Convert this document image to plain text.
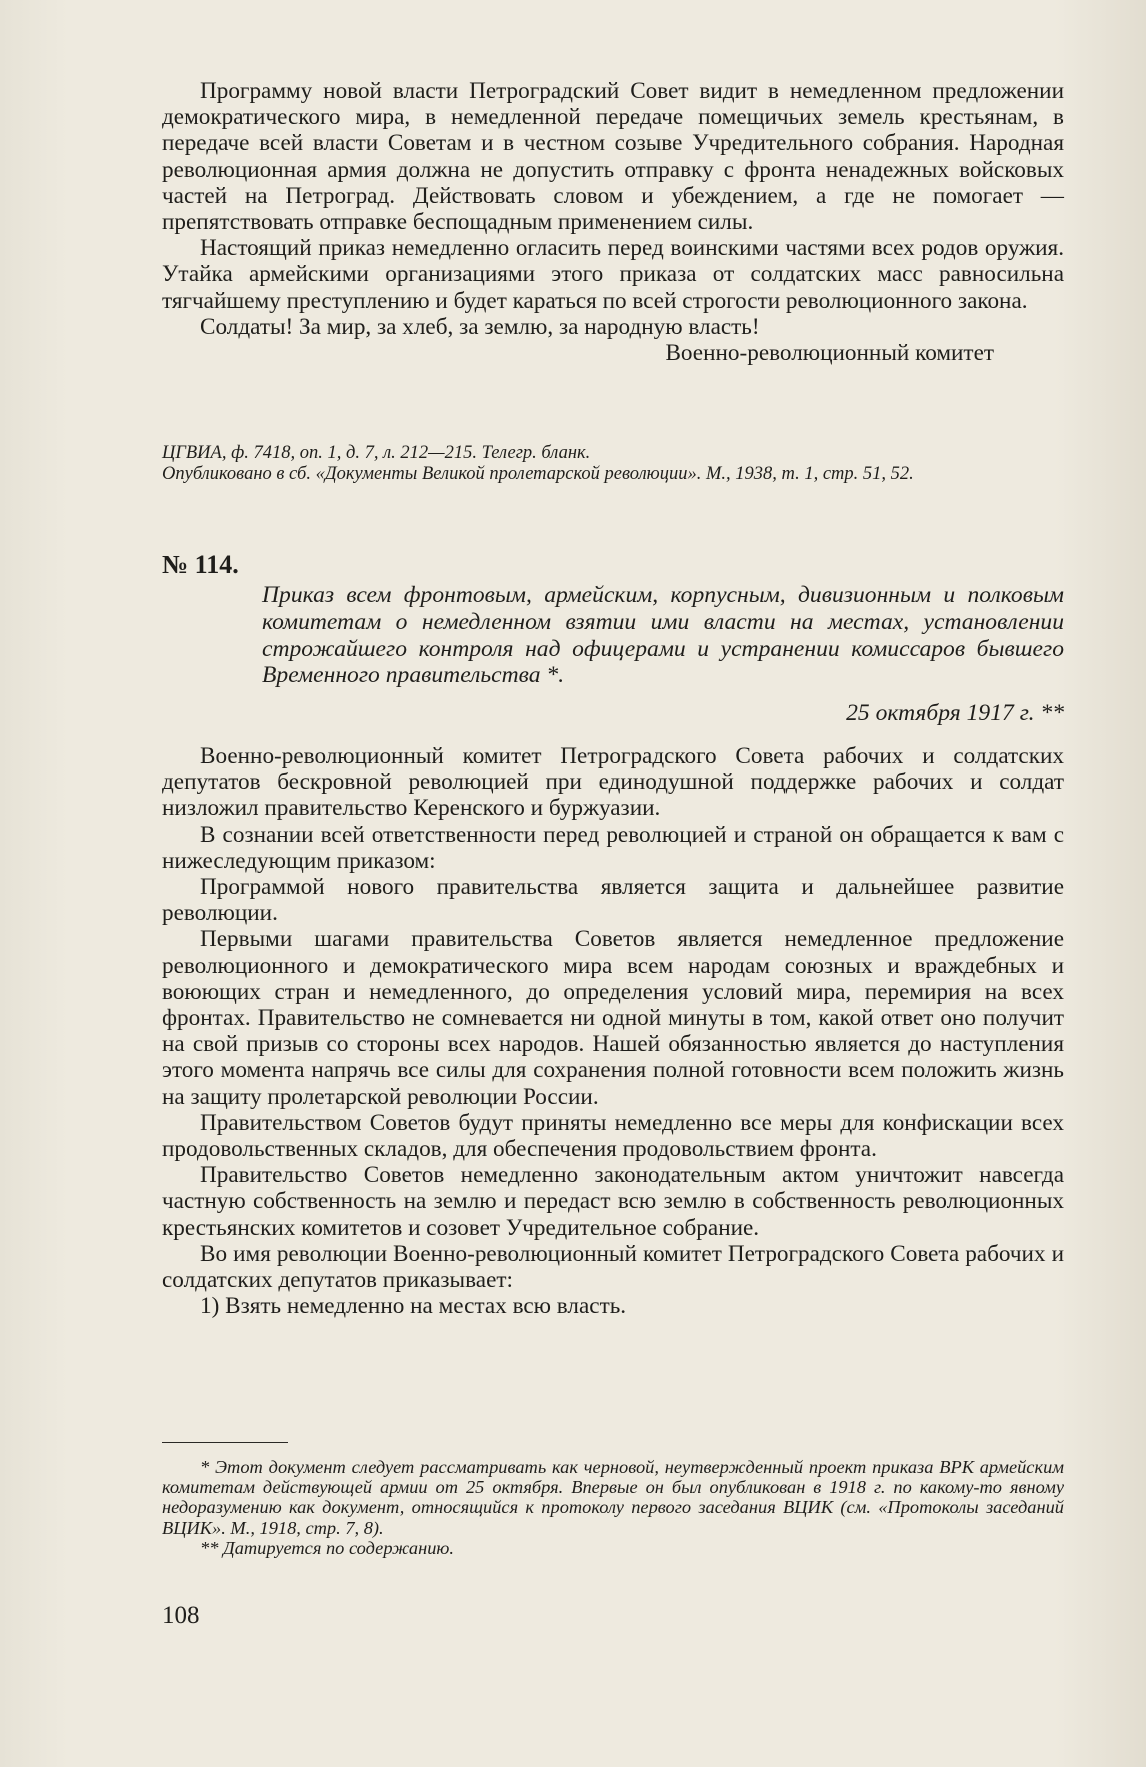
Программу новой власти Петроградский Совет видит в немедленном предложении демократического мира, в немедленной передаче помещичьих земель крестьянам, в передаче всей власти Советам и в честном созыве Учредительного собрания. Народная революционная армия должна не допустить отправку с фронта ненадежных войсковых частей на Петроград. Действовать словом и убеждением, а где не помогает — препятствовать отправке беспощадным применением силы.

Настоящий приказ немедленно огласить перед воинскими частями всех родов оружия. Утайка армейскими организациями этого приказа от солдатских масс равносильна тягчайшему преступлению и будет караться по всей строгости революционного закона.

Солдаты! За мир, за хлеб, за землю, за народную власть!

Военно-революционный комитет

ЦГВИА, ф. 7418, оп. 1, д. 7, л. 212—215. Телегр. бланк.

Опубликовано в сб. «Документы Великой пролетарской революции». М., 1938, т. 1, стр. 51, 52.

№ 114.
Приказ всем фронтовым, армейским, корпусным, дивизионным и полковым комитетам о немедленном взятии ими власти на местах, установлении строжайшего контроля над офицерами и устранении комиссаров бывшего Временного правительства *.
25 октября 1917 г. **

Военно-революционный комитет Петроградского Совета рабочих и солдатских депутатов бескровной революцией при единодушной поддержке рабочих и солдат низложил правительство Керенского и буржуазии.

В сознании всей ответственности перед революцией и страной он обращается к вам с нижеследующим приказом:

Программой нового правительства является защита и дальнейшее развитие революции.

Первыми шагами правительства Советов является немедленное предложение революционного и демократического мира всем народам союзных и враждебных и воюющих стран и немедленного, до определения условий мира, перемирия на всех фронтах. Правительство не сомневается ни одной минуты в том, какой ответ оно получит на свой призыв со стороны всех народов. Нашей обязанностью является до наступления этого момента напрячь все силы для сохранения полной готовности всем положить жизнь на защиту пролетарской революции России.

Правительством Советов будут приняты немедленно все меры для конфискации всех продовольственных складов, для обеспечения продовольствием фронта.

Правительство Советов немедленно законодательным актом уничтожит навсегда частную собственность на землю и передаст всю землю в собственность революционных крестьянских комитетов и созовет Учредительное собрание.

Во имя революции Военно-революционный комитет Петроградского Совета рабочих и солдатских депутатов приказывает:

1) Взять немедленно на местах всю власть.

* Этот документ следует рассматривать как черновой, неутвержденный проект приказа ВРК армейским комитетам действующей армии от 25 октября. Впервые он был опубликован в 1918 г. по какому-то явному недоразумению как документ, относящийся к протоколу первого заседания ВЦИК (см. «Протоколы заседаний ВЦИК». М., 1918, стр. 7, 8).

** Датируется по содержанию.

108
